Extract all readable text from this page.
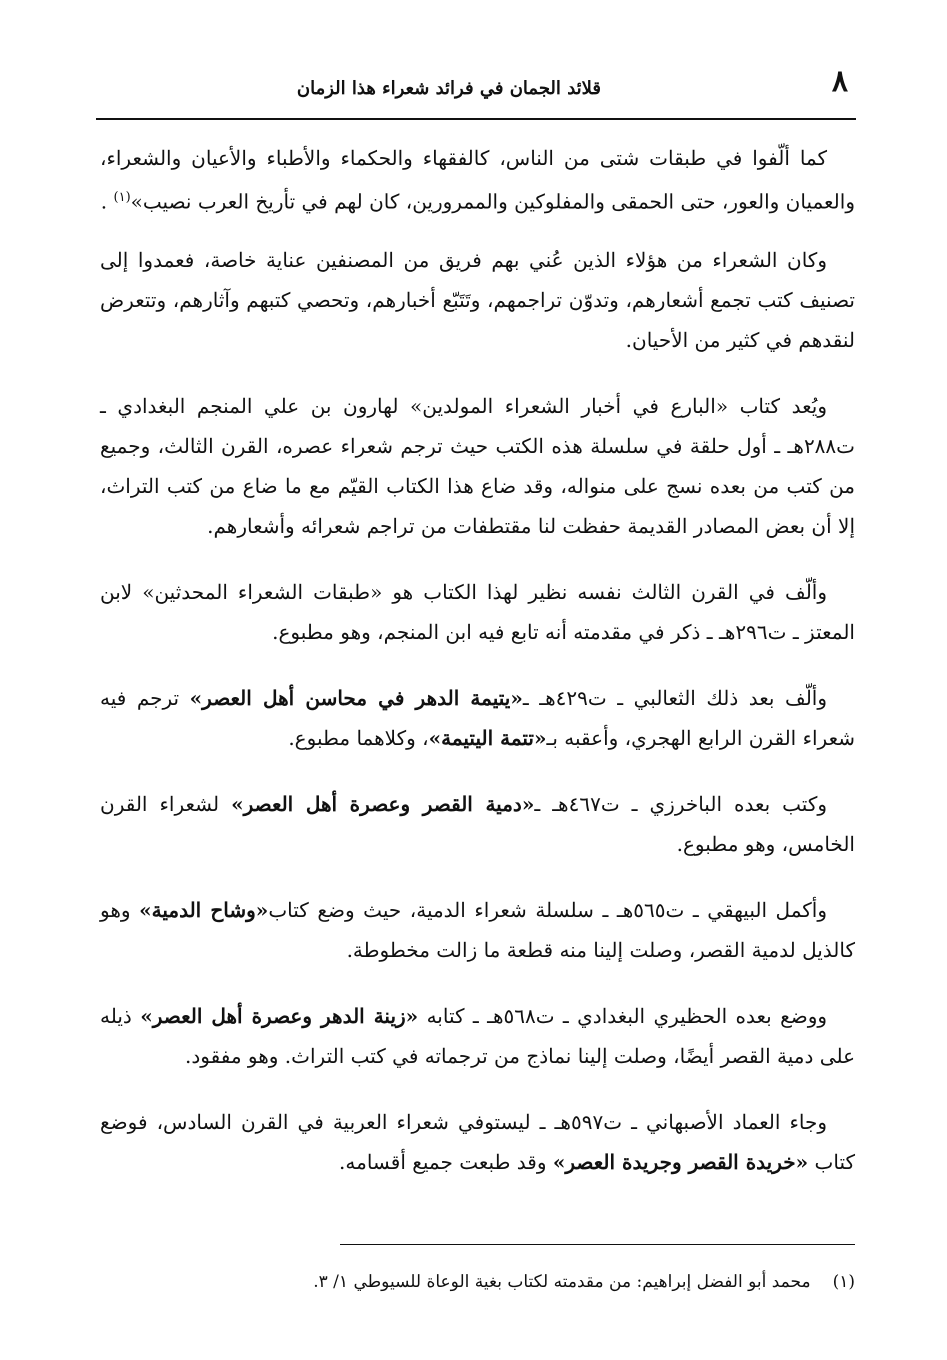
٨
قلائد الجمان في فرائد شعراء هذا الزمان

كما ألّفوا في طبقات شتى من الناس، كالفقهاء والحكماء والأطباء والأعيان والشعراء، والعميان والعور، حتى الحمقى والمفلوكين والممرورين، كان لهم في تأريخ العرب نصيب»$^{(١)}$ .

وكان الشعراء من هؤلاء الذين عُني بهم فريق من المصنفين عناية خاصة، فعمدوا إلى تصنيف كتب تجمع أشعارهم، وتدوّن تراجمهم، وتَتَبّع أخبارهم، وتحصي كتبهم وآثارهم، وتتعرض لنقدهم في كثير من الأحيان.

ويُعد كتاب «البارع في أخبار الشعراء المولدين» لهارون بن علي المنجم البغدادي ـ ت٢٨٨هـ ـ أول حلقة في سلسلة هذه الكتب حيث ترجم شعراء عصره، القرن الثالث، وجميع من كتب من بعده نسج على منواله، وقد ضاع هذا الكتاب القيّم مع ما ضاع من كتب التراث، إلا أن بعض المصادر القديمة حفظت لنا مقتطفات من تراجم شعرائه وأشعارهم.

وألّف في القرن الثالث نفسه نظير لهذا الكتاب هو «طبقات الشعراء المحدثين» لابن المعتز ـ ت٢٩٦هـ ـ ذكر في مقدمته أنه تابع فيه ابن المنجم، وهو مطبوع.

وألّف بعد ذلك الثعالبي ـ ت٤٢٩هـ ـ«يتيمة الدهر في محاسن أهل العصر» ترجم فيه شعراء القرن الرابع الهجري، وأعقبه بـ«تتمة اليتيمة»، وكلاهما مطبوع.

وكتب بعده الباخرزي ـ ت٤٦٧هـ ـ«دمية القصر وعصرة أهل العصر» لشعراء القرن الخامس، وهو مطبوع.

وأكمل البيهقي ـ ت٥٦٥هـ ـ سلسلة شعراء الدمية، حيث وضع كتاب«وشاح الدمية» وهو كالذيل لدمية القصر، وصلت إلينا منه قطعة ما زالت مخطوطة.

ووضع بعده الحظيري البغدادي ـ ت٥٦٨هـ ـ كتابه «زينة الدهر وعصرة أهل العصر» ذيله على دمية القصر أيضًا، وصلت إلينا نماذج من ترجماته في كتب التراث. وهو مفقود.

وجاء العماد الأصبهاني ـ ت٥٩٧هـ ـ ليستوفي شعراء العربية في القرن السادس، فوضع كتاب «خريدة القصر وجريدة العصر» وقد طبعت جميع أقسامه.

(١)محمد أبو الفضل إبراهيم: من مقدمته لكتاب بغية الوعاة للسيوطي ١/ ٣.
